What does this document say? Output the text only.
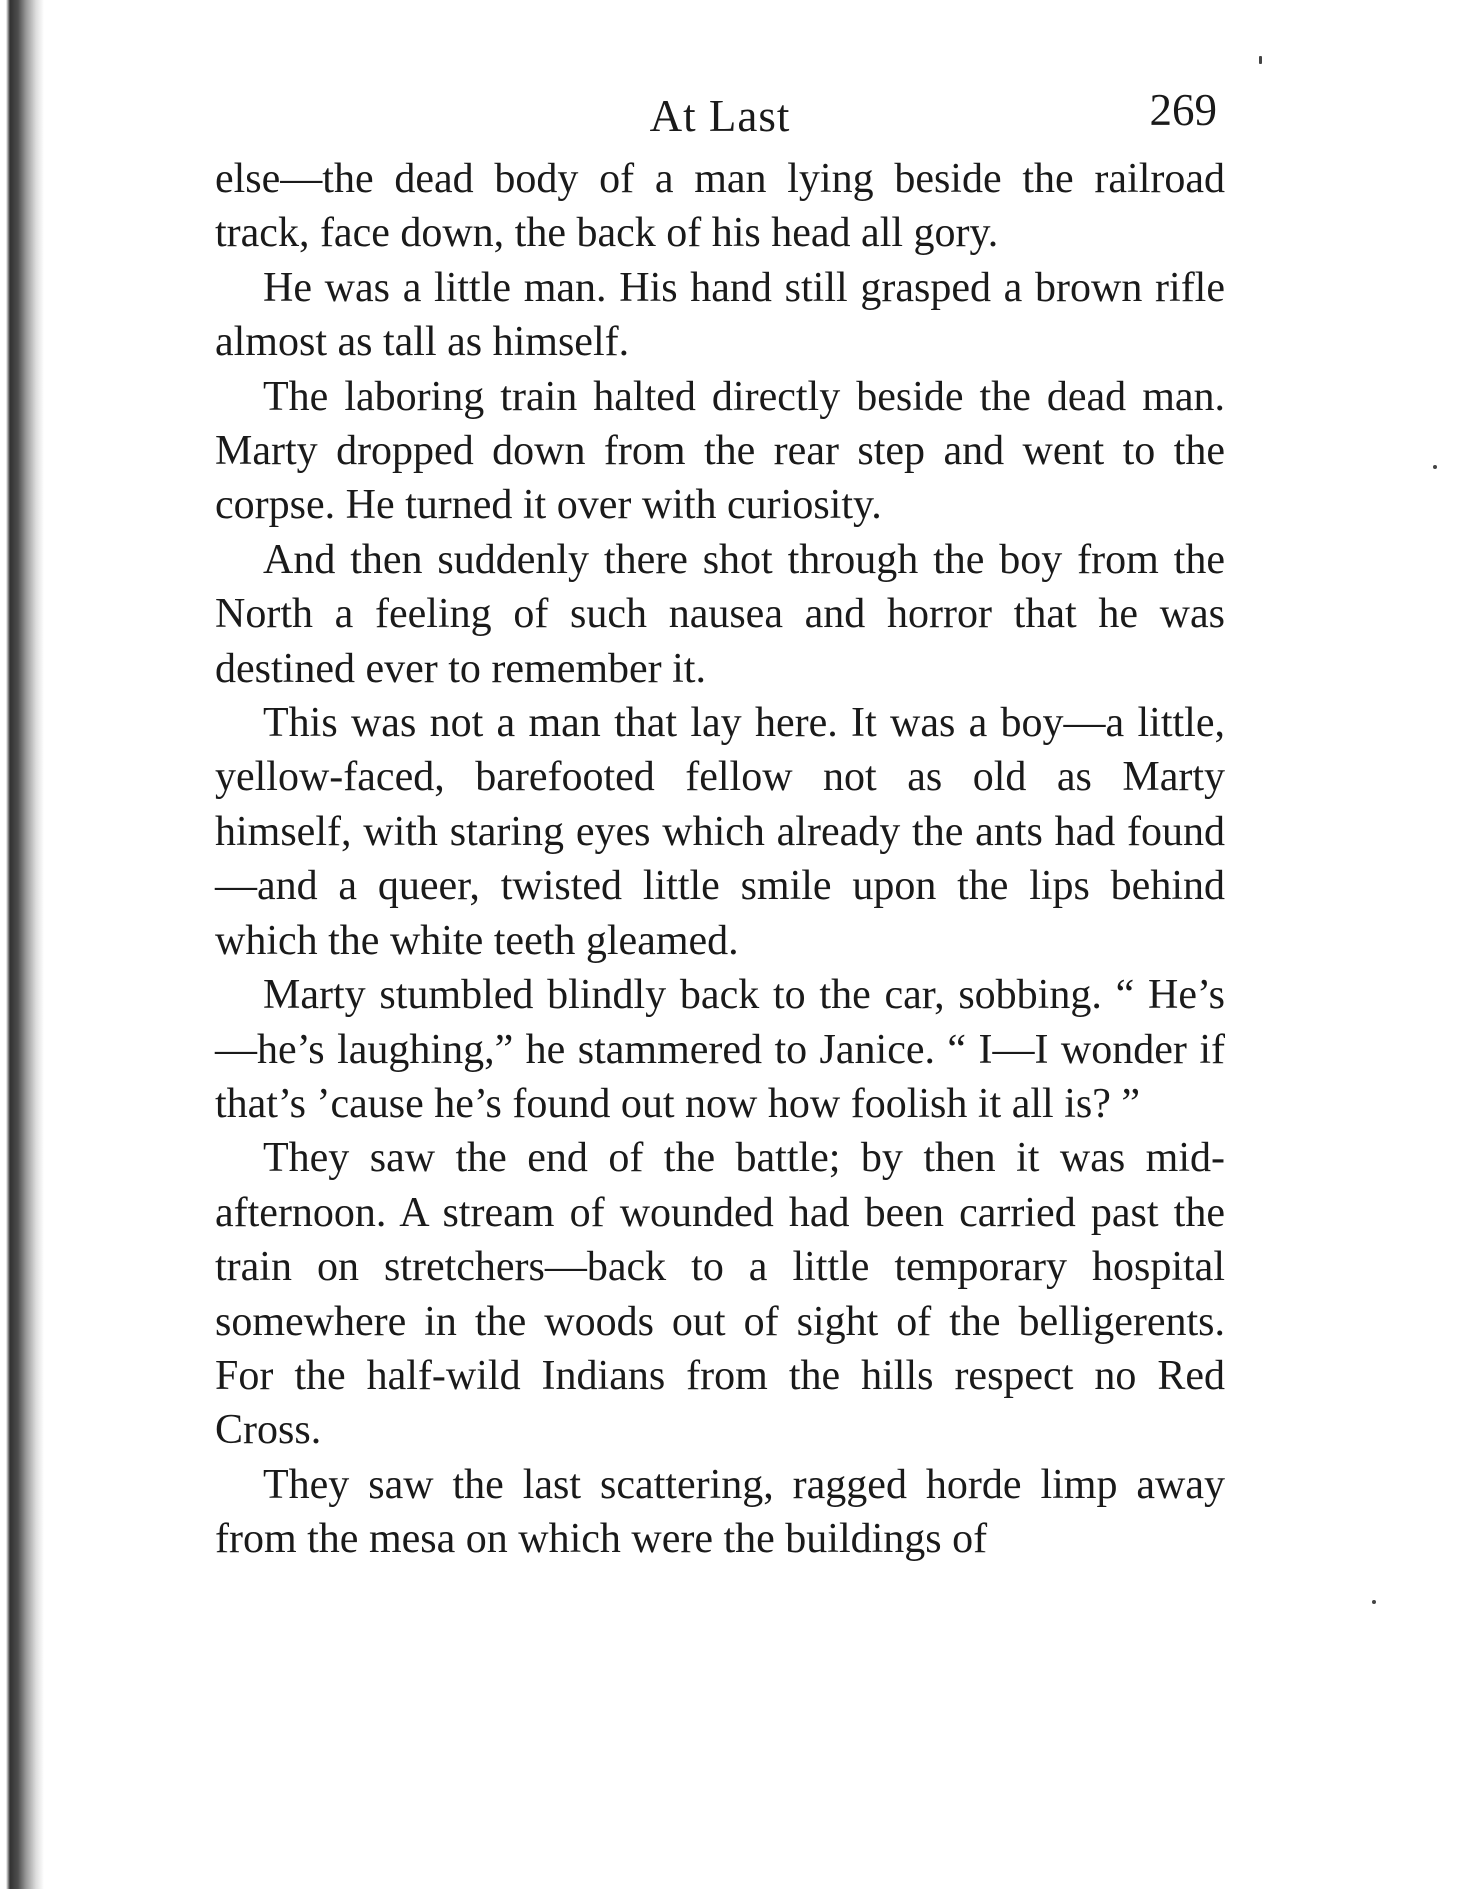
At Last	269

else—the dead body of a man lying beside the railroad track, face down, the back of his head all gory.

He was a little man. His hand still grasped a brown rifle almost as tall as himself.

The laboring train halted directly beside the dead man. Marty dropped down from the rear step and went to the corpse. He turned it over with curiosity.

And then suddenly there shot through the boy from the North a feeling of such nausea and horror that he was destined ever to remember it.

This was not a man that lay here. It was a boy—a little, yellow-faced, barefooted fellow not as old as Marty himself, with staring eyes which already the ants had found—and a queer, twisted little smile upon the lips behind which the white teeth gleamed.

Marty stumbled blindly back to the car, sobbing. “ He’s—he’s laughing,” he stammered to Janice. “ I—I wonder if that’s ’cause he’s found out now how foolish it all is? ”

They saw the end of the battle; by then it was mid-afternoon. A stream of wounded had been carried past the train on stretchers—back to a little temporary hospital somewhere in the woods out of sight of the belligerents. For the half-wild Indians from the hills respect no Red Cross.

They saw the last scattering, ragged horde limp away from the mesa on which were the buildings of
